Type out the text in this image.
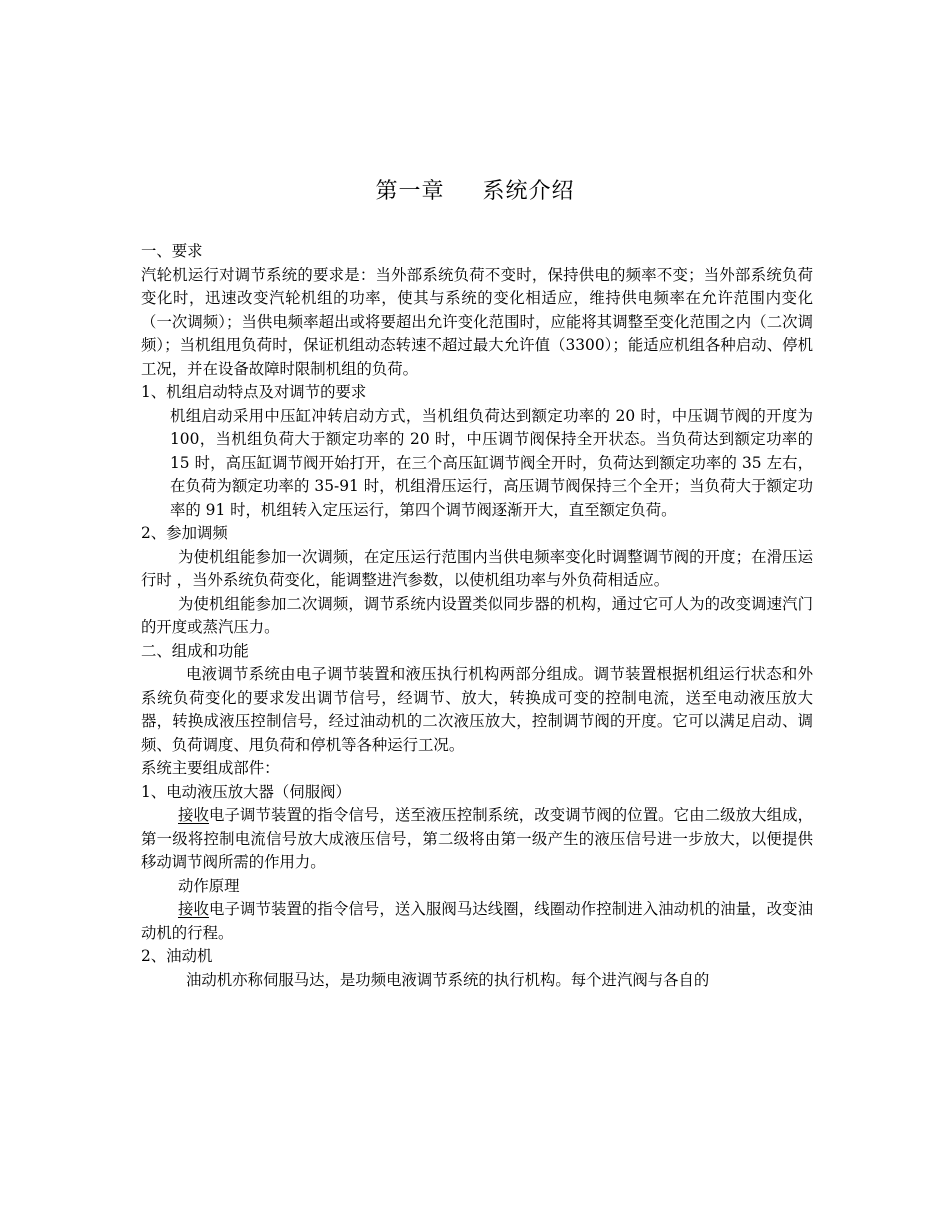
第一章 系统介绍

一、要求

汽轮机运行对调节系统的要求是：当外部系统负荷不变时，保持供电的频率不变；当外部系统负荷变化时，迅速改变汽轮机组的功率，使其与系统的变化相适应，维持供电频率在允许范围内变化（一次调频）；当供电频率超出或将要超出允许变化范围时，应能将其调整至变化范围之内（二次调频）；当机组甩负荷时，保证机组动态转速不超过最大允许值（3300）；能适应机组各种启动、停机工况，并在设备故障时限制机组的负荷。

1、机组启动特点及对调节的要求

机组启动采用中压缸冲转启动方式，当机组负荷达到额定功率的 20 时，中压调节阀的开度为 100，当机组负荷大于额定功率的 20 时，中压调节阀保持全开状态。当负荷达到额定功率的 15 时，高压缸调节阀开始打开，在三个高压缸调节阀全开时，负荷达到额定功率的 35 左右，在负荷为额定功率的 35-91 时，机组滑压运行，高压调节阀保持三个全开；当负荷大于额定功率的 91 时，机组转入定压运行，第四个调节阀逐渐开大，直至额定负荷。

2、参加调频

为使机组能参加一次调频，在定压运行范围内当供电频率变化时调整调节阀的开度；在滑压运行时 ，当外系统负荷变化，能调整进汽参数，以使机组功率与外负荷相适应。

为使机组能参加二次调频，调节系统内设置类似同步器的机构，通过它可人为的改变调速汽门的开度或蒸汽压力。

二、组成和功能

电液调节系统由电子调节装置和液压执行机构两部分组成。调节装置根据机组运行状态和外系统负荷变化的要求发出调节信号，经调节、放大，转换成可变的控制电流，送至电动液压放大器，转换成液压控制信号，经过油动机的二次液压放大，控制调节阀的开度。它可以满足启动、调频、负荷调度、甩负荷和停机等各种运行工况。

系统主要组成部件：

1、电动液压放大器（伺服阀）

接收电子调节装置的指令信号，送至液压控制系统，改变调节阀的位置。它由二级放大组成，第一级将控制电流信号放大成液压信号，第二级将由第一级产生的液压信号进一步放大，以便提供移动调节阀所需的作用力。

动作原理

接收电子调节装置的指令信号，送入服阀马达线圈，线圈动作控制进入油动机的油量，改变油动机的行程。

2、油动机

油动机亦称伺服马达，是功频电液调节系统的执行机构。每个进汽阀与各自的
